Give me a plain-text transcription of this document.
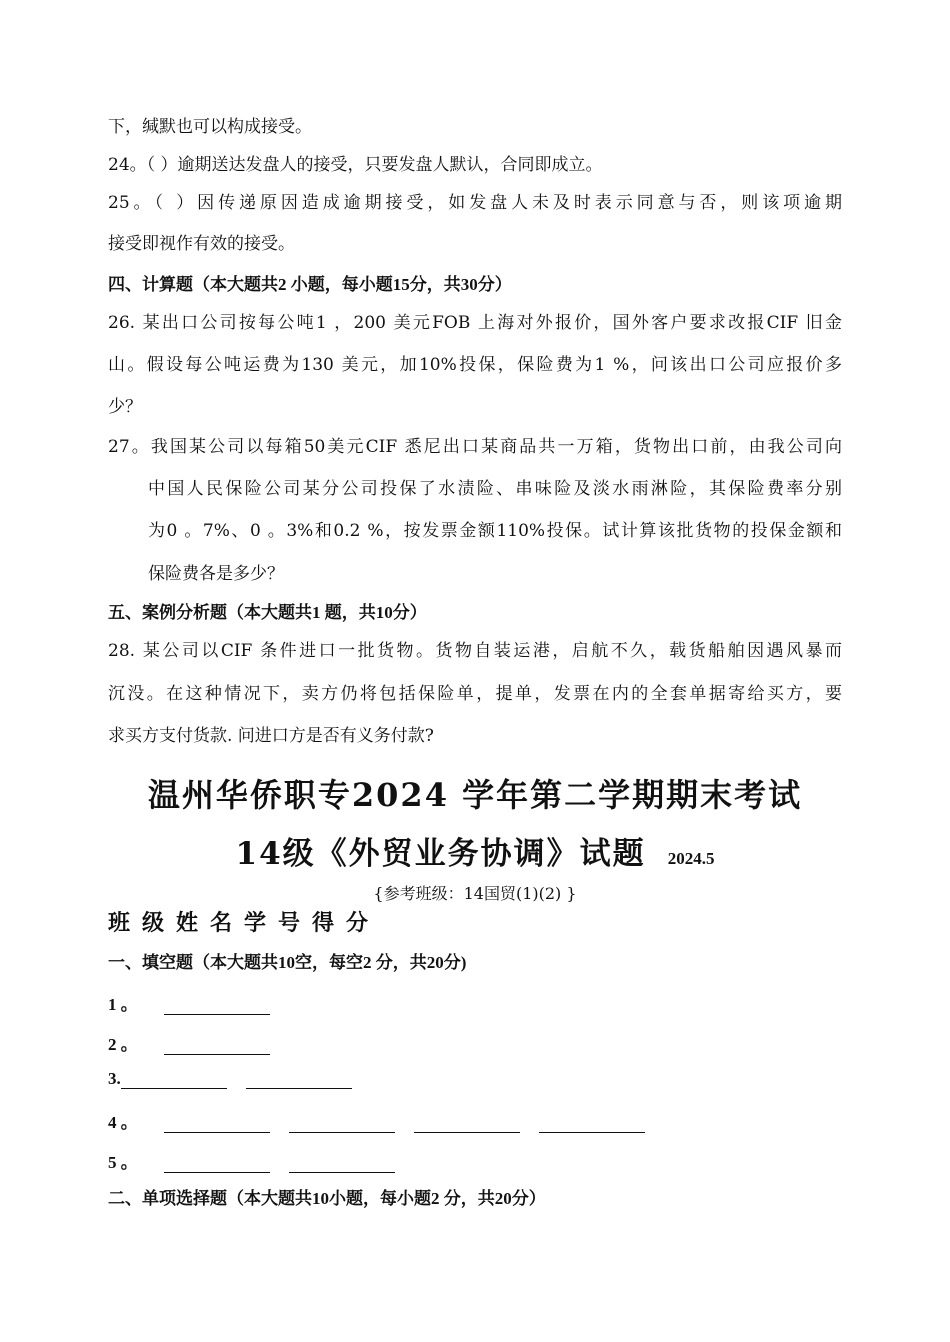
下，缄默也可以构成接受。
24。（ ）逾期送达发盘人的接受，只要发盘人默认，合同即成立。
25。（ ）因传递原因造成逾期接受，如发盘人未及时表示同意与否，则该项逾期
接受即视作有效的接受。
四、计算题（本大题共2 小题，每小题15分，共30分）
26. 某出口公司按每公吨1 ，200 美元FOB 上海对外报价，国外客户要求改报CIF 旧金
山。假设每公吨运费为130 美元，加10%投保，保险费为1 %，问该出口公司应报价多
少？
27。我国某公司以每箱50美元CIF 悉尼出口某商品共一万箱，货物出口前，由我公司向
中国人民保险公司某分公司投保了水渍险、串味险及淡水雨淋险，其保险费率分别
为0 。7%、0 。3%和0.2 %，按发票金额110%投保。试计算该批货物的投保金额和
保险费各是多少？
五、案例分析题（本大题共1 题，共10分）
28. 某公司以CIF 条件进口一批货物。货物自装运港，启航不久，载货船舶因遇风暴而
沉没。在这种情况下，卖方仍将包括保险单，提单，发票在内的全套单据寄给买方，要
求买方支付货款. 问进口方是否有义务付款?
温州华侨职专2024 学年第二学期期末考试
14级《外贸业务协调》试题 2024.5
{参考班级：14国贸(1)(2) }
班级姓名学号得分
一、填空题（本大题共10空，每空2 分，共20分)
1 。
2 。
3.
4 。
5 。
二、单项选择题（本大题共10小题，每小题2 分，共20分）
